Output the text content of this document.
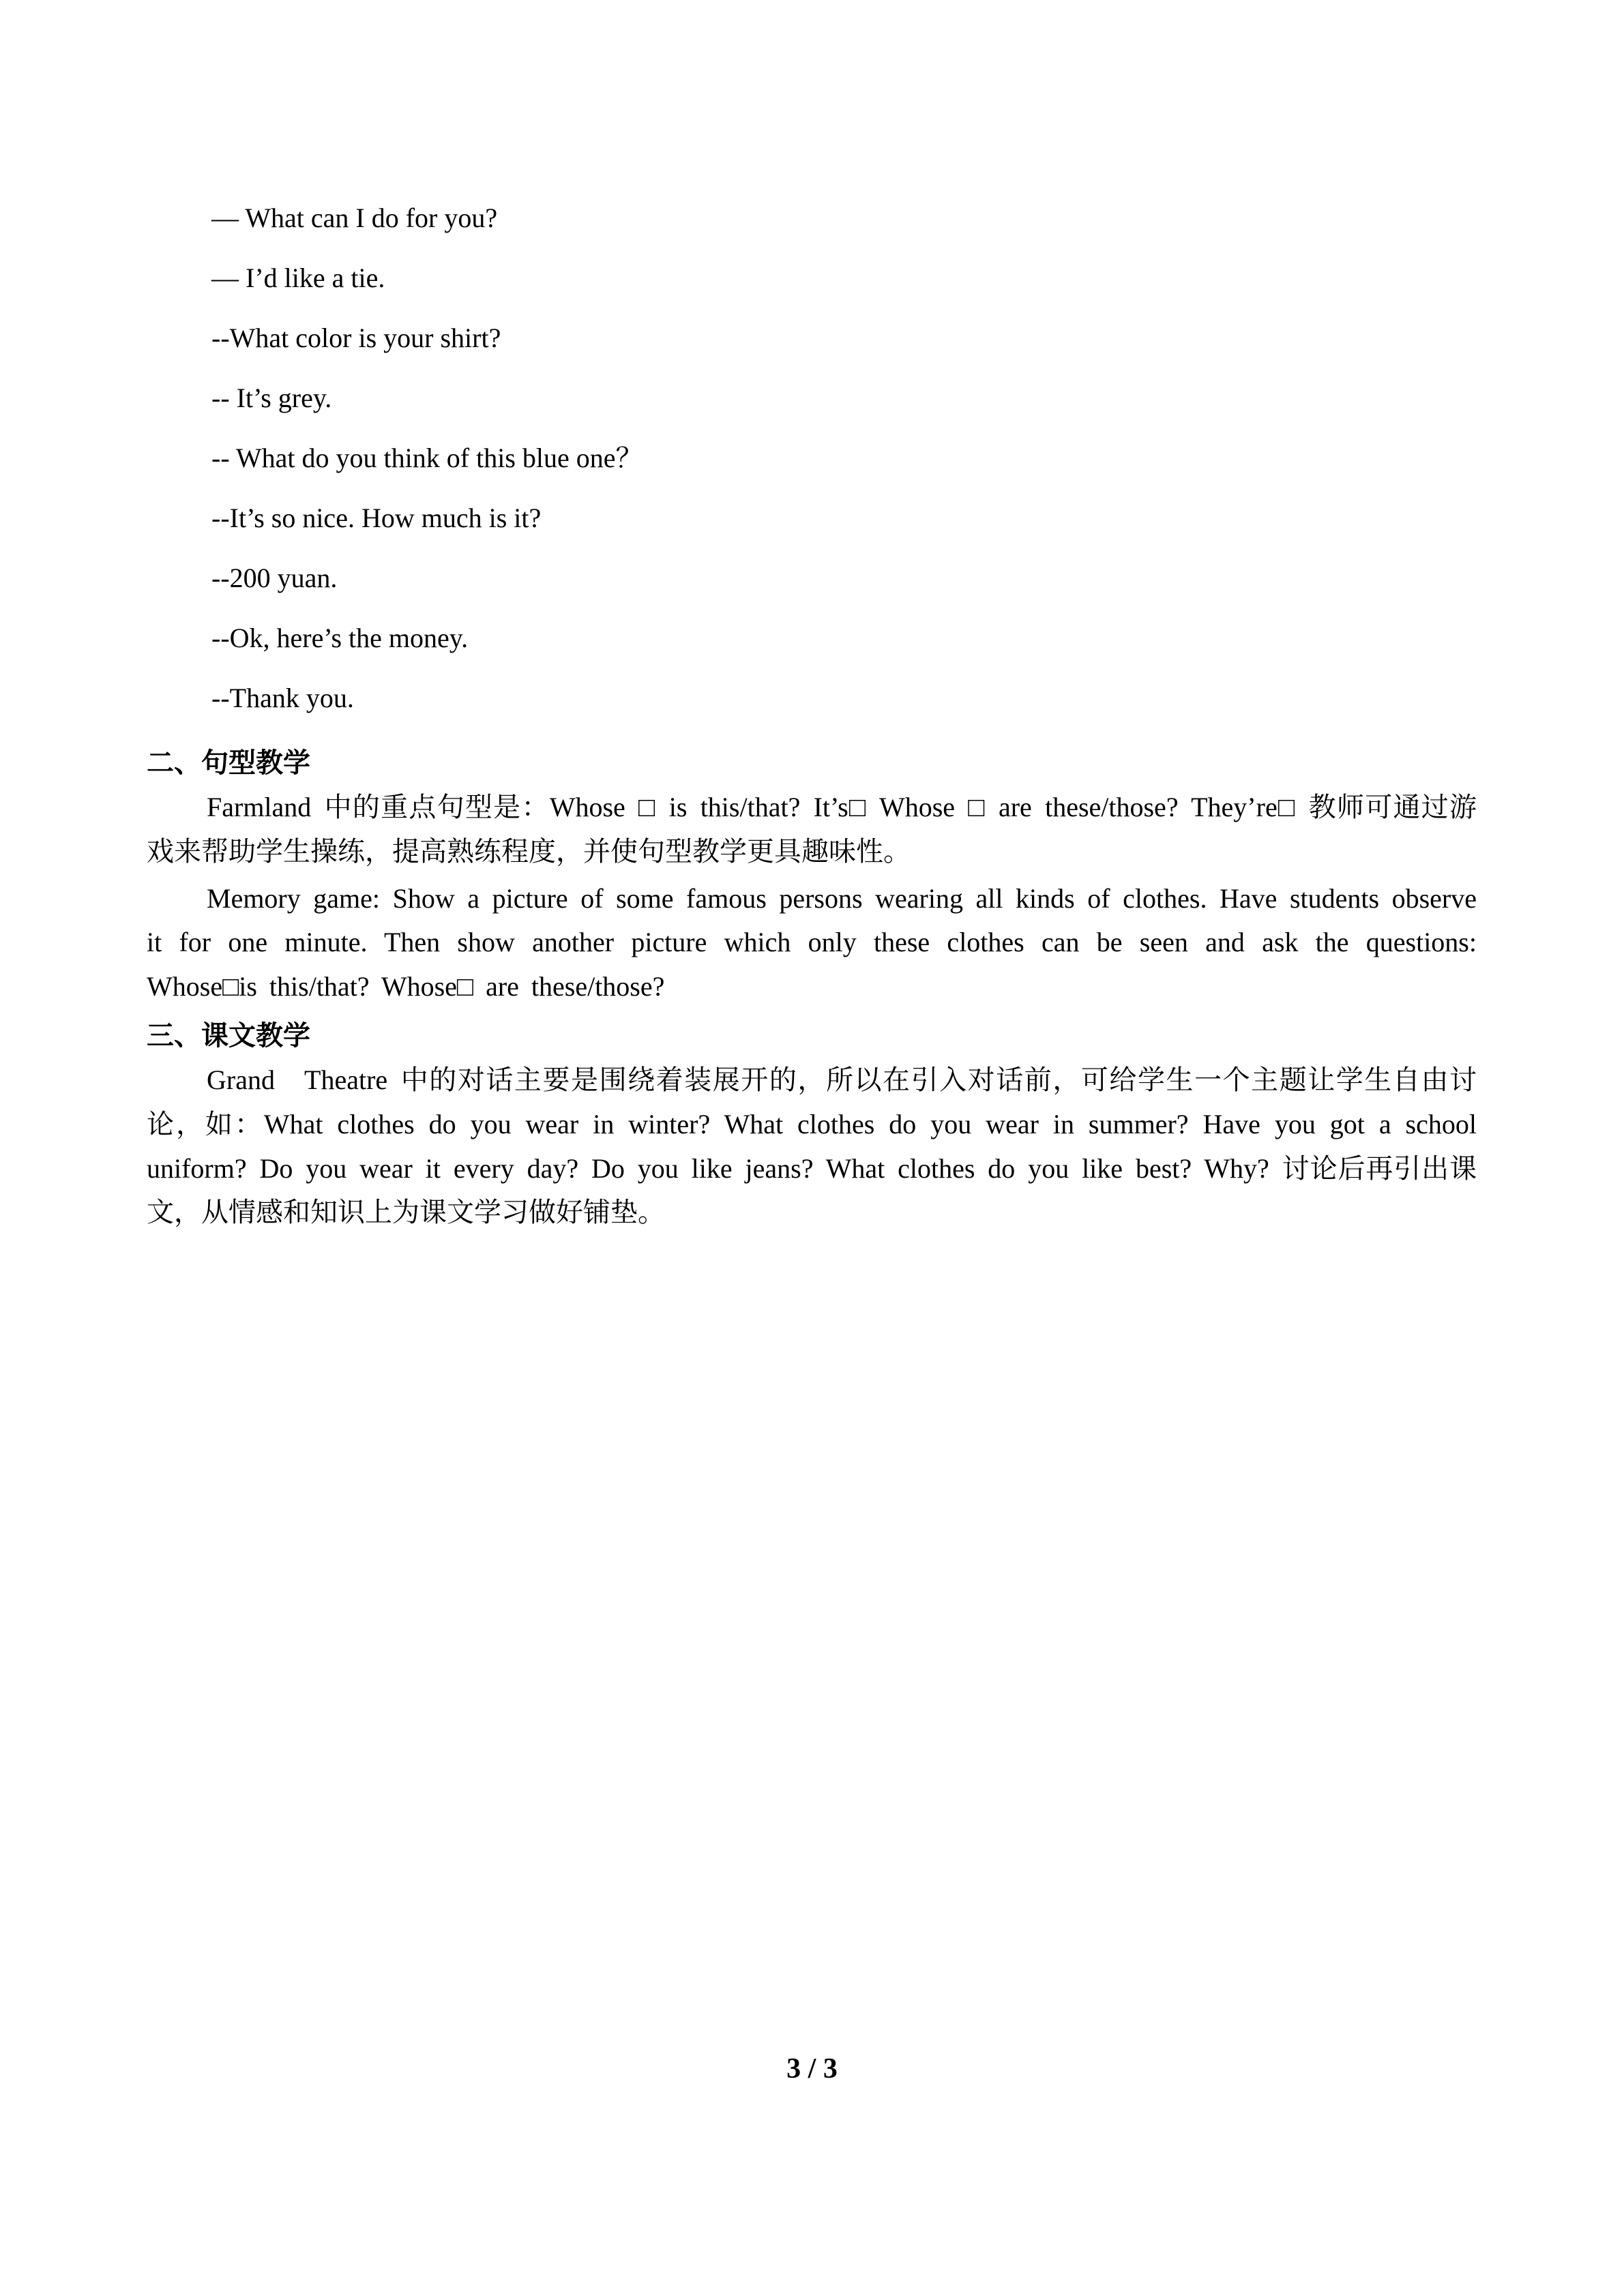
— What can I do for you?

— I’d like a tie.

--What color is your shirt?

-- It’s grey.

-- What do you think of this blue one？

--It’s so nice. How much is it?

--200 yuan.

--Ok, here’s the money.

--Thank you.

二、句型教学

Farmland 中的重点句型是：Whose □ is this/that? It’s□ Whose □ are these/those? They’re□ 教师可通过游戏来帮助学生操练，提高熟练程度，并使句型教学更具趣味性。

Memory game: Show a picture of some famous persons wearing all kinds of clothes. Have students observe it for one minute. Then show another picture which only these clothes can be seen and ask the questions: Whose□is this/that? Whose□ are these/those?

三、课文教学

Grand　Theatre 中的对话主要是围绕着装展开的，所以在引入对话前，可给学生一个主题让学生自由讨论，如：What clothes do you wear in winter? What clothes do you wear in summer? Have you got a school uniform? Do you wear it every day? Do you like jeans? What clothes do you like best? Why? 讨论后再引出课文，从情感和知识上为课文学习做好铺垫。

3 / 3
